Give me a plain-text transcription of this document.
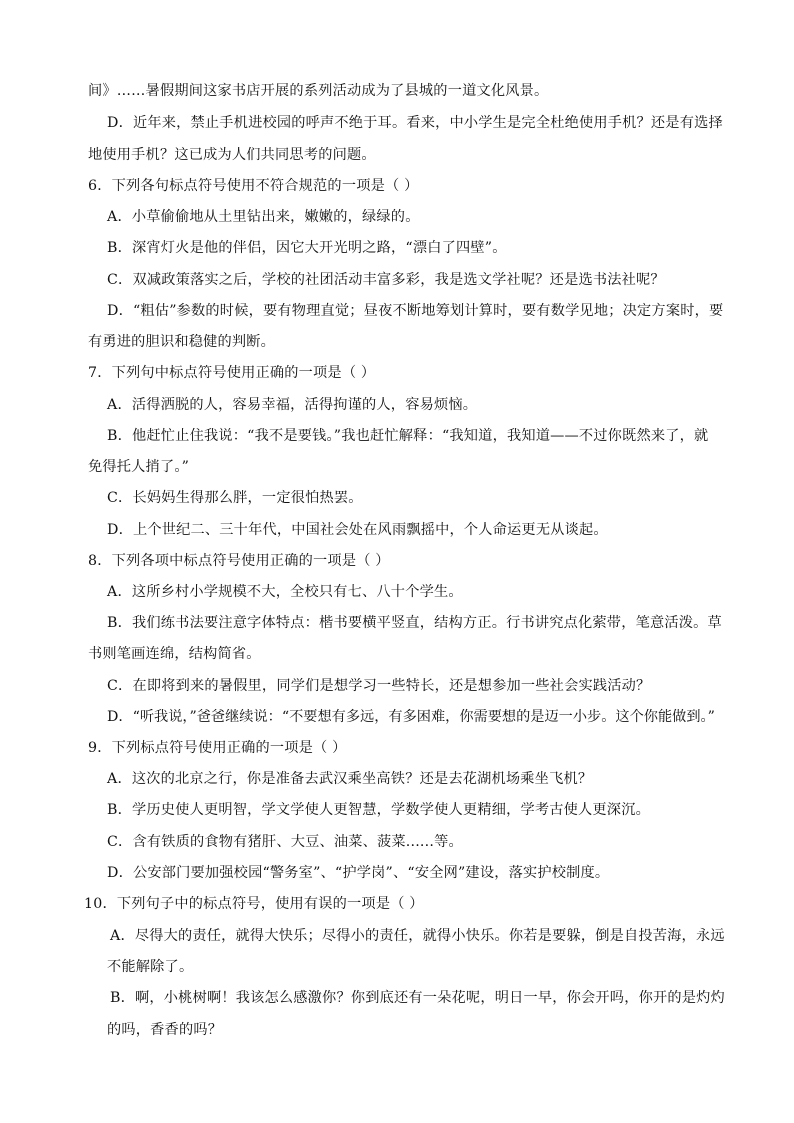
间》……暑假期间这家书店开展的系列活动成为了县城的一道文化风景。
D．近年来，禁止手机进校园的呼声不绝于耳。看来，中小学生是完全杜绝使用手机？还是有选择
地使用手机？这已成为人们共同思考的问题。
6．下列各句标点符号使用不符合规范的一项是（ ）
A．小草偷偷地从土里钻出来，嫩嫩的，绿绿的。
B．深宵灯火是他的伴侣，因它大开光明之路，“漂白了四壁”。
C．双减政策落实之后，学校的社团活动丰富多彩，我是选文学社呢？还是选书法社呢？
D．“粗估”参数的时候，要有物理直觉；昼夜不断地筹划计算时，要有数学见地；决定方案时，要
有勇进的胆识和稳健的判断。
7．下列句中标点符号使用正确的一项是（ ）
A．活得洒脱的人，容易幸福，活得拘谨的人，容易烦恼。
B．他赶忙止住我说：“我不是要钱。”我也赶忙解释：“我知道，我知道——不过你既然来了，就
免得托人捎了。”
C．长妈妈生得那么胖，一定很怕热罢。
D．上个世纪二、三十年代，中国社会处在风雨飘摇中，个人命运更无从谈起。
8．下列各项中标点符号使用正确的一项是（ ）
A．这所乡村小学规模不大，全校只有七、八十个学生。
B．我们练书法要注意字体特点：楷书要横平竖直，结构方正。行书讲究点化萦带，笔意活泼。草
书则笔画连绵，结构简省。
C．在即将到来的暑假里，同学们是想学习一些特长，还是想参加一些社会实践活动？
D．“听我说，”爸爸继续说：“不要想有多远，有多困难，你需要想的是迈一小步。这个你能做到。”
9．下列标点符号使用正确的一项是（ ）
A．这次的北京之行，你是准备去武汉乘坐高铁？还是去花湖机场乘坐飞机？
B．学历史使人更明智，学文学使人更智慧，学数学使人更精细，学考古使人更深沉。
C．含有铁质的食物有猪肝、大豆、油菜、菠菜......等。
D．公安部门要加强校园“警务室”、“护学岗”、“安全网”建设，落实护校制度。
10．下列句子中的标点符号，使用有误的一项是（ ）
A．尽得大的责任，就得大快乐；尽得小的责任，就得小快乐。你若是要躲，倒是自投苦海，永远
不能解除了。
B．啊，小桃树啊！我该怎么感激你？你到底还有一朵花呢，明日一早，你会开吗，你开的是灼灼
的吗，香香的吗？
